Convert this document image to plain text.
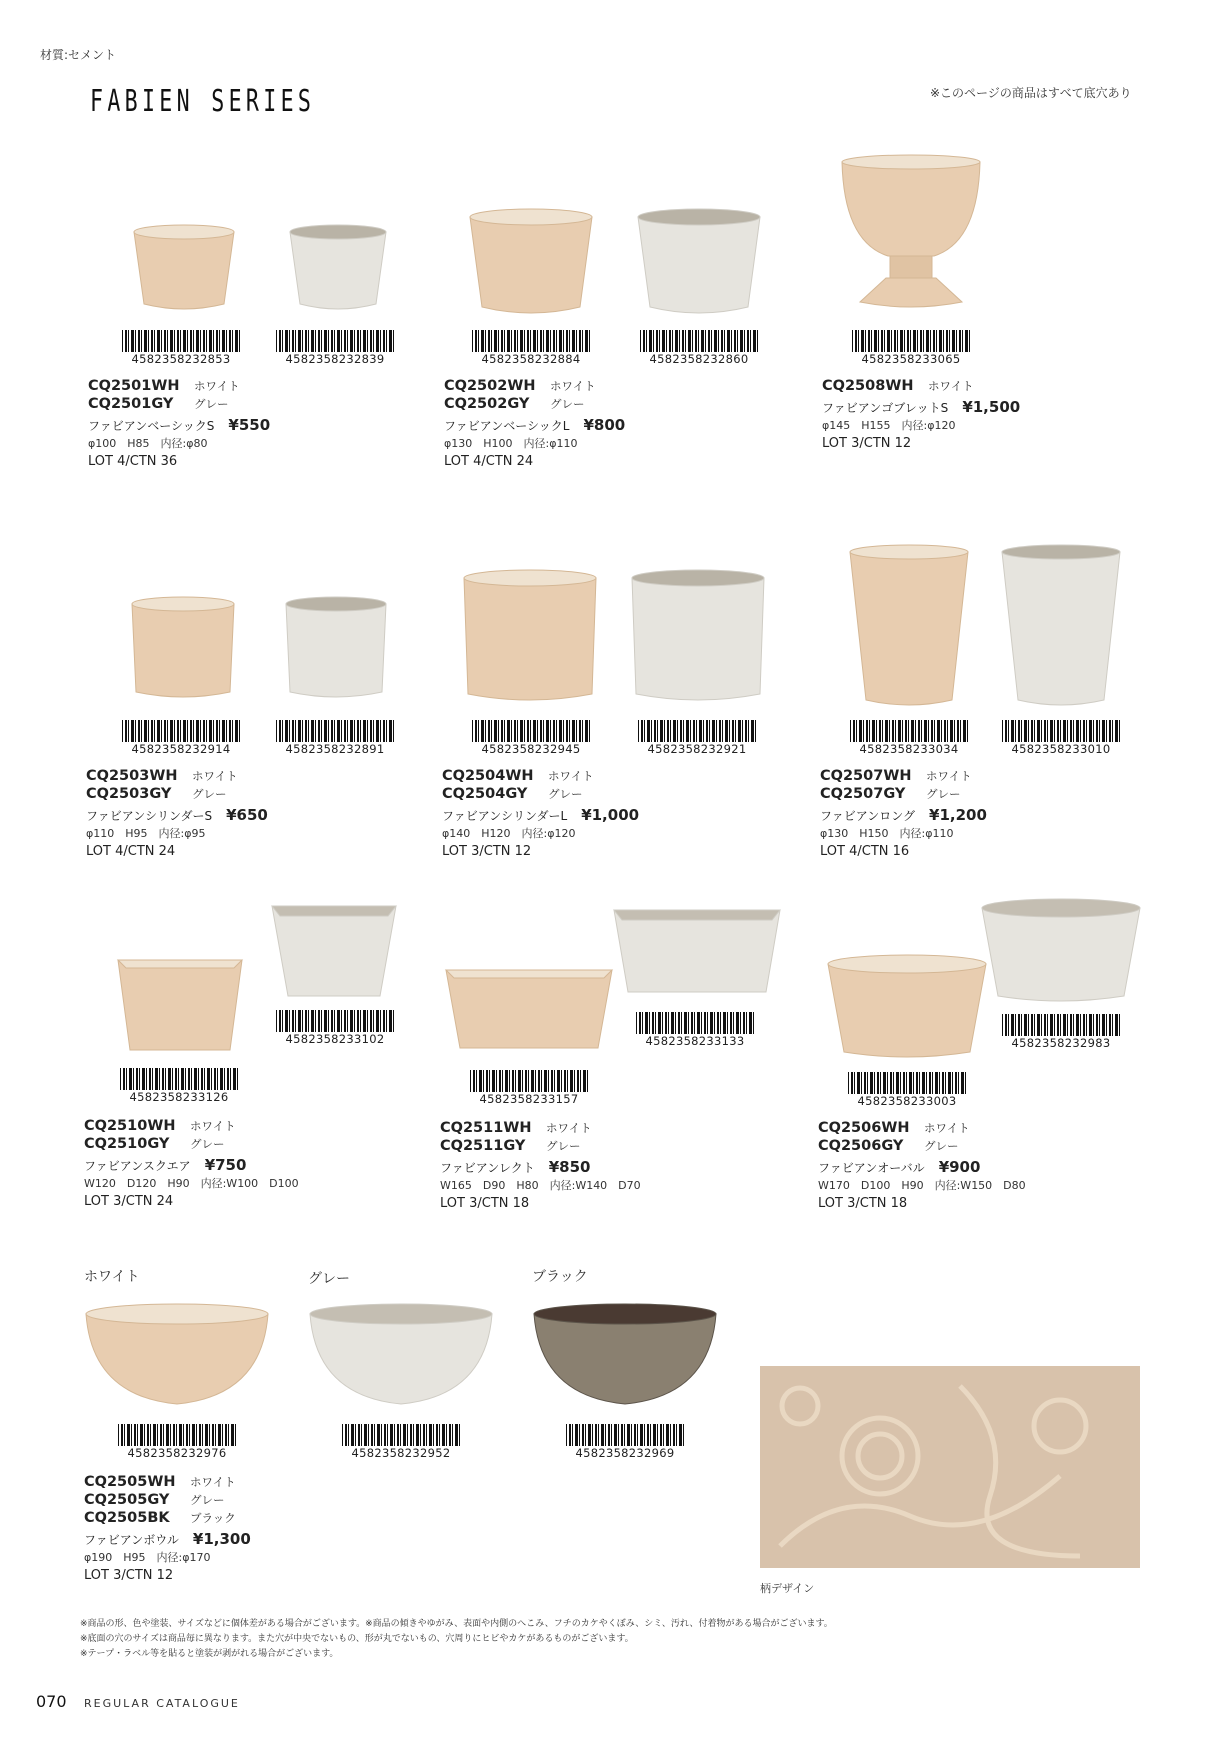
材質:セメント
FABIEN SERIES	※このページの商品はすべて底穴あり
4582358232853	4582358232839
CQ2501WH ホワイト
CQ2501GY グレー
ファビアンベーシックS ¥550
φ100　H85　内径:φ80
LOT 4/CTN 36
4582358232884	4582358232860
CQ2502WH ホワイト
CQ2502GY グレー
ファビアンベーシックL ¥800
φ130　H100　内径:φ110
LOT 4/CTN 24
4582358233065
CQ2508WH ホワイト
ファビアンゴブレットS ¥1,500
φ145　H155　内径:φ120
LOT 3/CTN 12
4582358232914	4582358232891
CQ2503WH ホワイト
CQ2503GY グレー
ファビアンシリンダーS ¥650
φ110　H95　内径:φ95
LOT 4/CTN 24
4582358232945	4582358232921
CQ2504WH ホワイト
CQ2504GY グレー
ファビアンシリンダーL ¥1,000
φ140　H120　内径:φ120
LOT 3/CTN 12
4582358233034	4582358233010
CQ2507WH ホワイト
CQ2507GY グレー
ファビアンロング ¥1,200
φ130　H150　内径:φ110
LOT 4/CTN 16
4582358233102
4582358233126
CQ2510WH ホワイト
CQ2510GY グレー
ファビアンスクエア ¥750
W120　D120　H90　内径:W100　D100
LOT 3/CTN 24
4582358233133
4582358233157
CQ2511WH ホワイト
CQ2511GY グレー
ファビアンレクト ¥850
W165　D90　H80　内径:W140　D70
LOT 3/CTN 18
4582358232983
4582358233003
CQ2506WH ホワイト
CQ2506GY グレー
ファビアンオーバル ¥900
W170　D100　H90　内径:W150　D80
LOT 3/CTN 18
ホワイト	グレー	ブラック
4582358232976	4582358232952	4582358232969
CQ2505WH ホワイト
CQ2505GY グレー
CQ2505BK ブラック
ファビアンボウル ¥1,300
φ190　H95　内径:φ170
LOT 3/CTN 12
柄デザイン
※商品の形、色や塗装、サイズなどに個体差がある場合がございます。※商品の傾きやゆがみ、表面や内側のへこみ、フチのカケやくぼみ、シミ、汚れ、付着物がある場合がございます。
※底面の穴のサイズは商品毎に異なります。また穴が中央でないもの、形が丸でないもの、穴周りにヒビやカケがあるものがございます。
※テープ・ラベル等を貼ると塗装が剥がれる場合がございます。
070 REGULAR CATALOGUE
